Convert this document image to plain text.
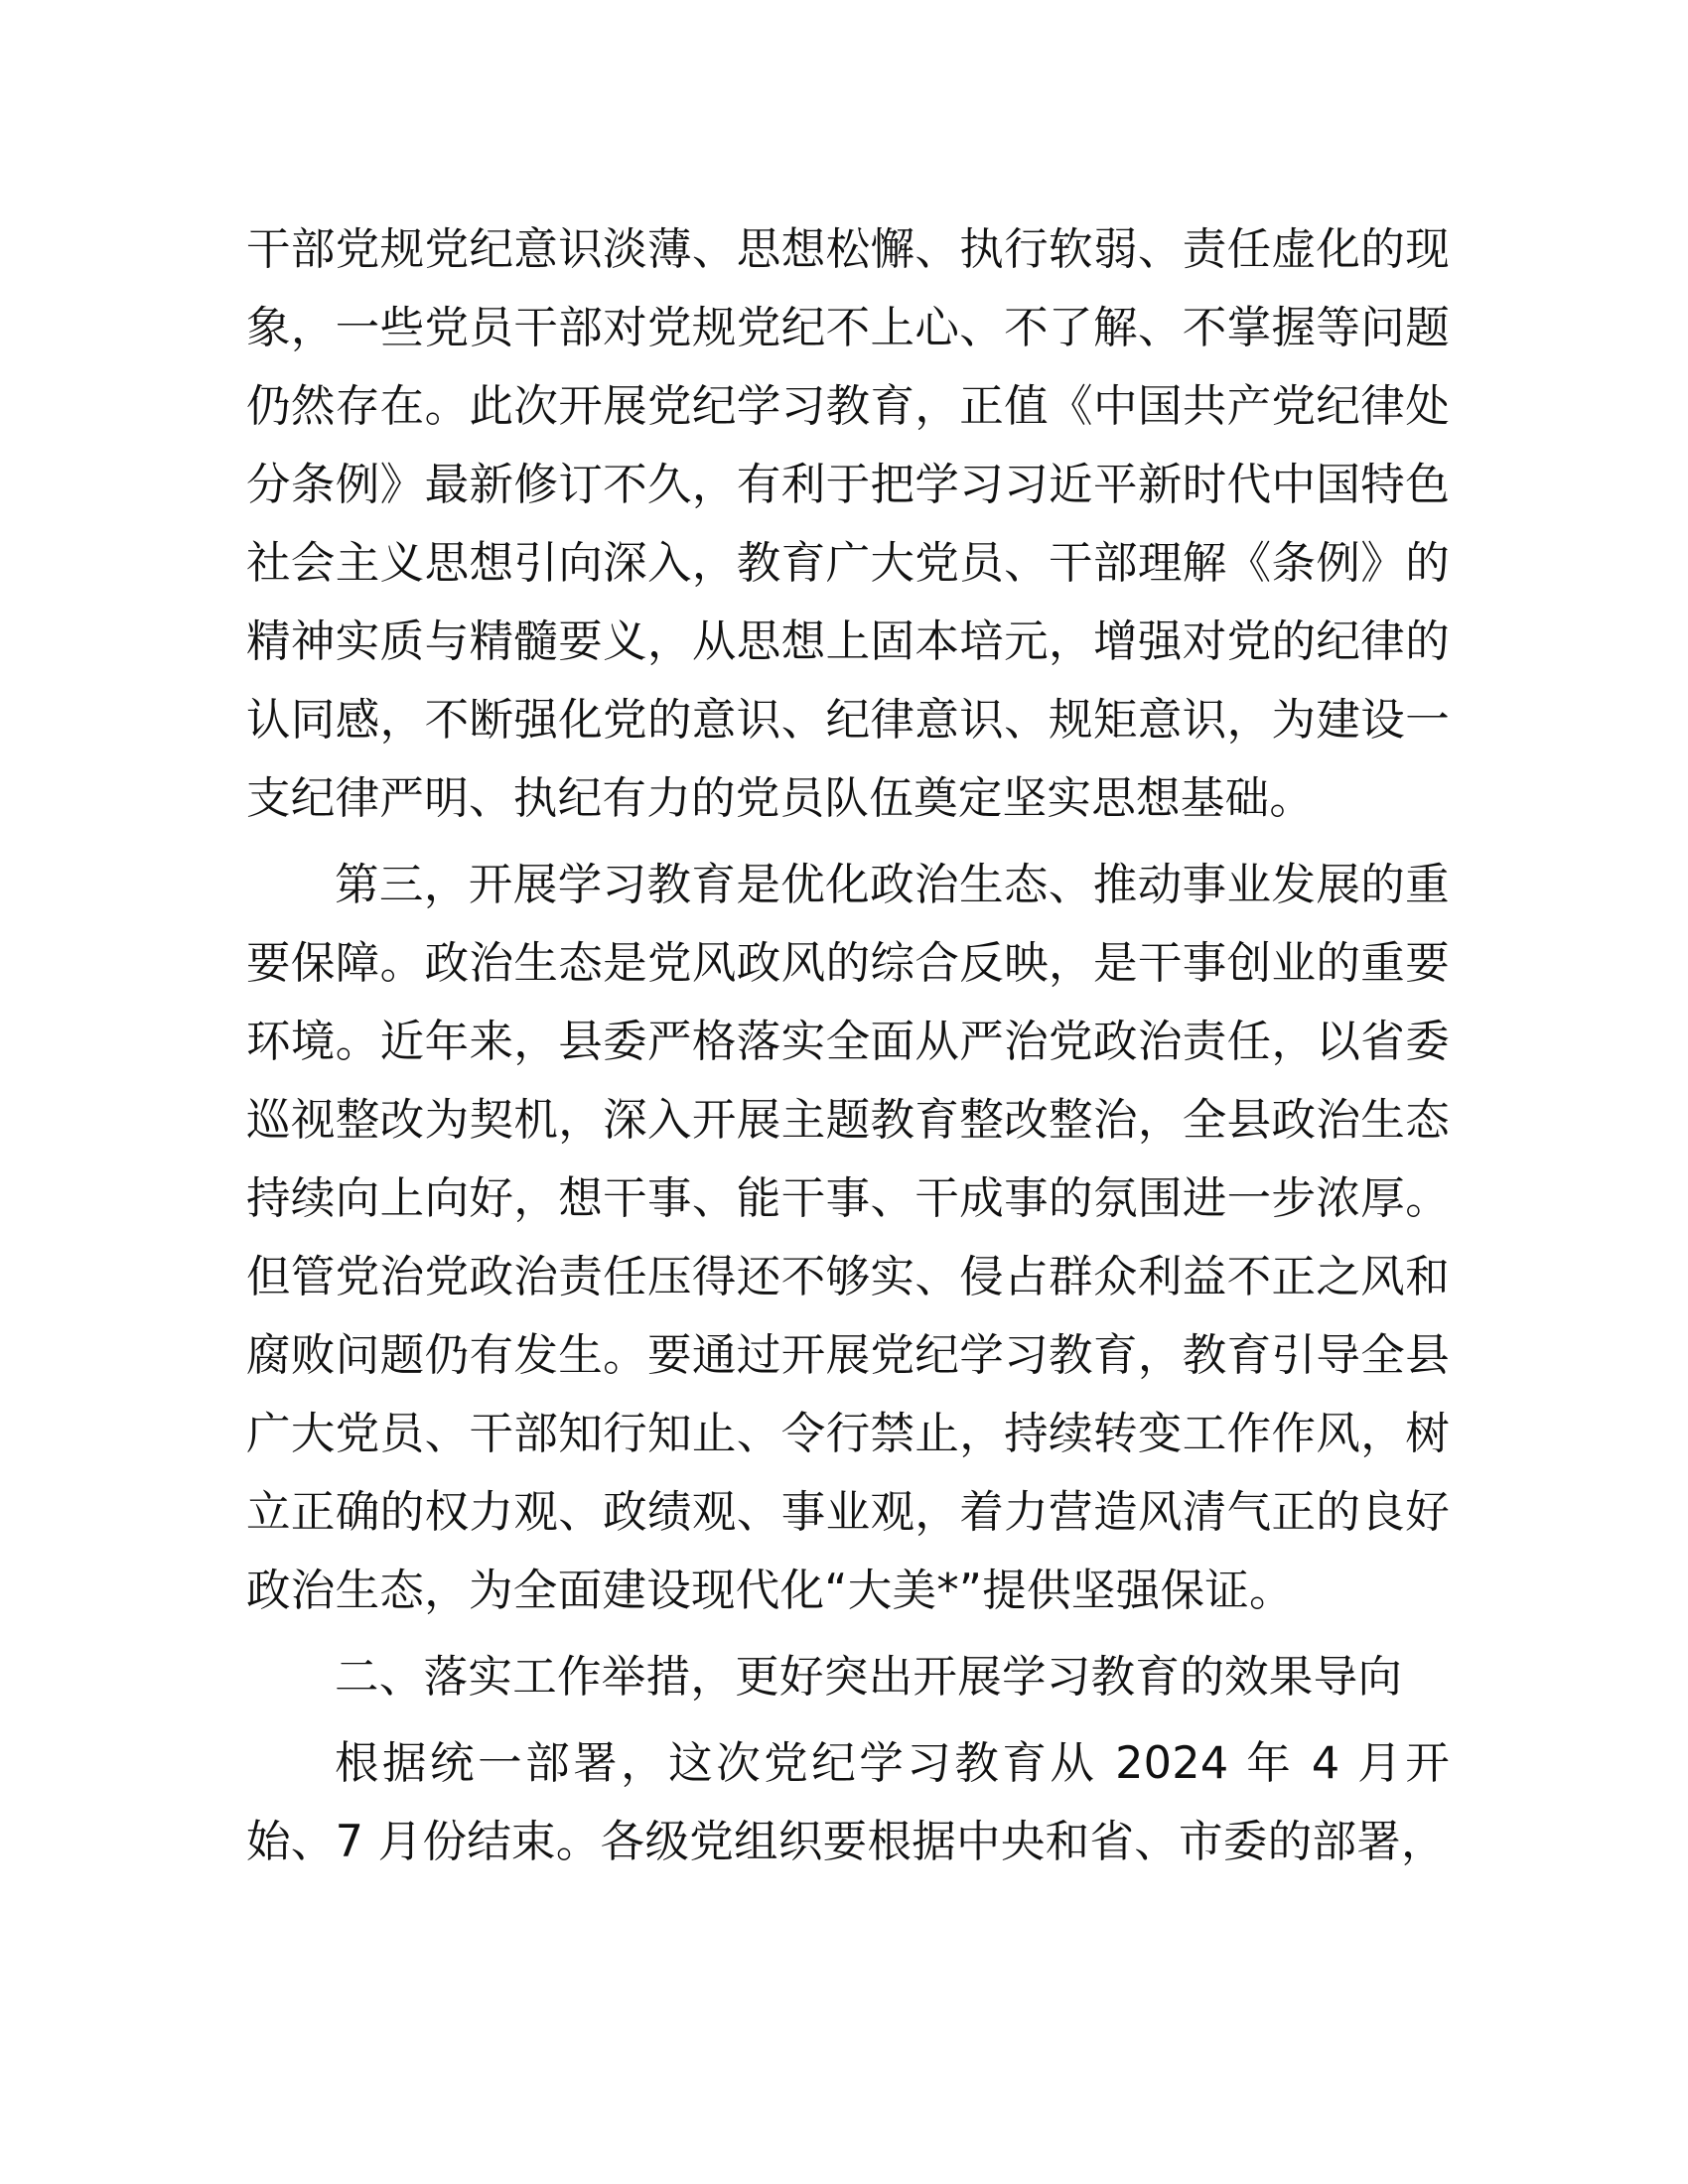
干部党规党纪意识淡薄、思想松懈、执行软弱、责任虚化的现
象，一些党员干部对党规党纪不上心、不了解、不掌握等问题
仍然存在。此次开展党纪学习教育，正值《中国共产党纪律处
分条例》最新修订不久，有利于把学习习近平新时代中国特色
社会主义思想引向深入，教育广大党员、干部理解《条例》的
精神实质与精髓要义，从思想上固本培元，增强对党的纪律的
认同感，不断强化党的意识、纪律意识、规矩意识，为建设一
支纪律严明、执纪有力的党员队伍奠定坚实思想基础。
第三，开展学习教育是优化政治生态、推动事业发展的重
要保障。政治生态是党风政风的综合反映，是干事创业的重要
环境。近年来，县委严格落实全面从严治党政治责任，以省委
巡视整改为契机，深入开展主题教育整改整治，全县政治生态
持续向上向好，想干事、能干事、干成事的氛围进一步浓厚。
但管党治党政治责任压得还不够实、侵占群众利益不正之风和
腐败问题仍有发生。要通过开展党纪学习教育，教育引导全县
广大党员、干部知行知止、令行禁止，持续转变工作作风，树
立正确的权力观、政绩观、事业观，着力营造风清气正的良好
政治生态，为全面建设现代化“大美*”提供坚强保证。
二、落实工作举措，更好突出开展学习教育的效果导向
根据统一部署，这次党纪学习教育从 2024 年 4 月开
始、7 月份结束。各级党组织要根据中央和省、市委的部署，
